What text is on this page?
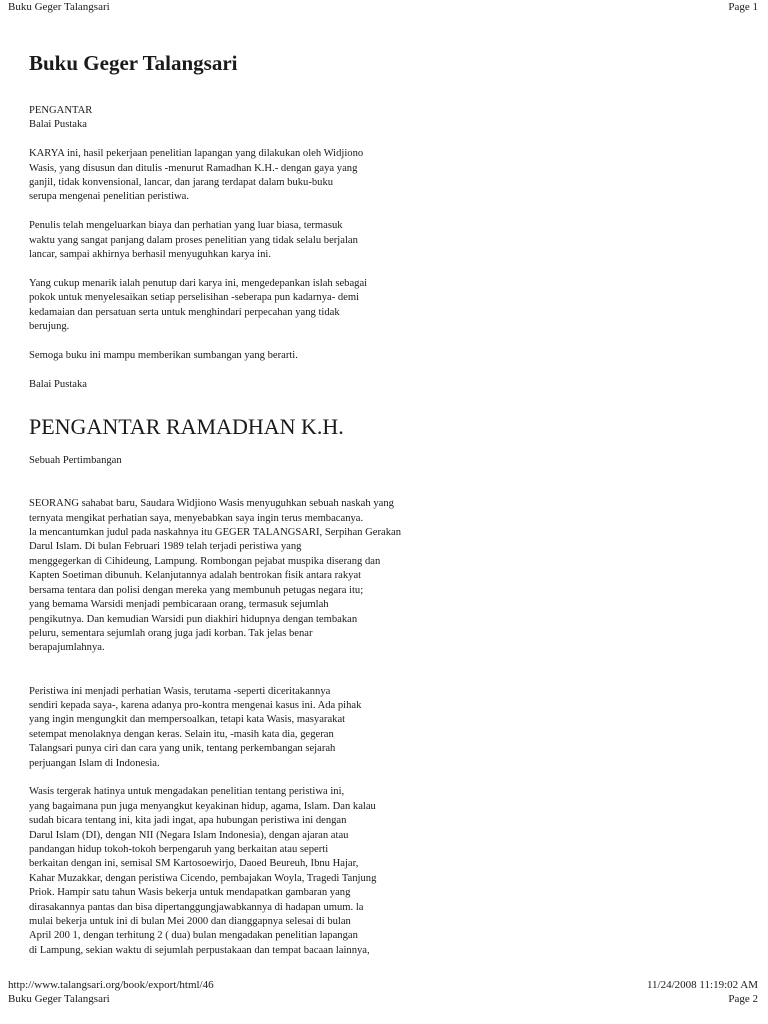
Buku Geger Talangsari	Page 1
Buku Geger Talangsari
PENGANTAR
Balai Pustaka
KARYA ini, hasil pekerjaan penelitian lapangan yang dilakukan oleh Widjiono
Wasis, yang disusun dan ditulis -menurut Ramadhan K.H.- dengan gaya yang
ganjil, tidak konvensional, lancar, dan jarang terdapat dalam buku-buku
serupa mengenai penelitian peristiwa.
Penulis telah mengeluarkan biaya dan perhatian yang luar biasa, termasuk
waktu yang sangat panjang dalam proses penelitian yang tidak selalu berjalan
lancar, sampai akhirnya berhasil menyuguhkan karya ini.
Yang cukup menarik ialah penutup dari karya ini, mengedepankan islah sebagai
pokok untuk menyelesaikan setiap perselisihan -seberapa pun kadarnya- demi
kedamaian dan persatuan serta untuk menghindari perpecahan yang tidak
berujung.
Semoga buku ini mampu memberikan sumbangan yang berarti.
Balai Pustaka
PENGANTAR RAMADHAN K.H.
Sebuah Pertimbangan
SEORANG sahabat baru, Saudara Widjiono Wasis menyuguhkan sebuah naskah yang
ternyata mengikat perhatian saya, menyebabkan saya ingin terus membacanya.
la mencantumkan judul pada naskahnya itu GEGER TALANGSARI, Serpihan Gerakan
Darul Islam. Di bulan Februari 1989 telah terjadi peristiwa yang
menggegerkan di Cihideung, Lampung. Rombongan pejabat muspika diserang dan
Kapten Soetiman dibunuh. Kelanjutannya adalah bentrokan fisik antara rakyat
bersama tentara dan polisi dengan mereka yang membunuh petugas negara itu;
yang bemama Warsidi menjadi pembicaraan orang, termasuk sejumlah
pengikutnya. Dan kemudian Warsidi pun diakhiri hidupnya dengan tembakan
peluru, sementara sejumlah orang juga jadi korban. Tak jelas benar
berapajumlahnya.
Peristiwa ini menjadi perhatian Wasis, terutama -seperti diceritakannya
sendiri kepada saya-, karena adanya pro-kontra mengenai kasus ini. Ada pihak
yang ingin mengungkit dan mempersoalkan, tetapi kata Wasis, masyarakat
setempat menolaknya dengan keras. Selain itu, -masih kata dia, gegeran
Talangsari punya ciri dan cara yang unik, tentang perkembangan sejarah
perjuangan Islam di Indonesia.
Wasis tergerak hatinya untuk mengadakan penelitian tentang peristiwa ini,
yang bagaimana pun juga menyangkut keyakinan hidup, agama, Islam. Dan kalau
sudah bicara tentang ini, kita jadi ingat, apa hubungan peristiwa ini dengan
Darul Islam (DI), dengan NII (Negara Islam Indonesia), dengan ajaran atau
pandangan hidup tokoh-tokoh berpengaruh yang berkaitan atau seperti
berkaitan dengan ini, semisal SM Kartosoewirjo, Daoed Beureuh, Ibnu Hajar,
Kahar Muzakkar, dengan peristiwa Cicendo, pembajakan Woyla, Tragedi Tanjung
Priok. Hampir satu tahun Wasis bekerja untuk mendapatkan gambaran yang
dirasakannya pantas dan bisa dipertanggungjawabkannya di hadapan umum. la
mulai bekerja untuk ini di bulan Mei 2000 dan dianggapnya selesai di bulan
April 200 1, dengan terhitung 2 ( dua) bulan mengadakan penelitian lapangan
di Lampung, sekian waktu di sejumlah perpustakaan dan tempat bacaan lainnya,
http://www.talangsari.org/book/export/html/46	11/24/2008 11:19:02 AM
Buku Geger Talangsari	Page 2
